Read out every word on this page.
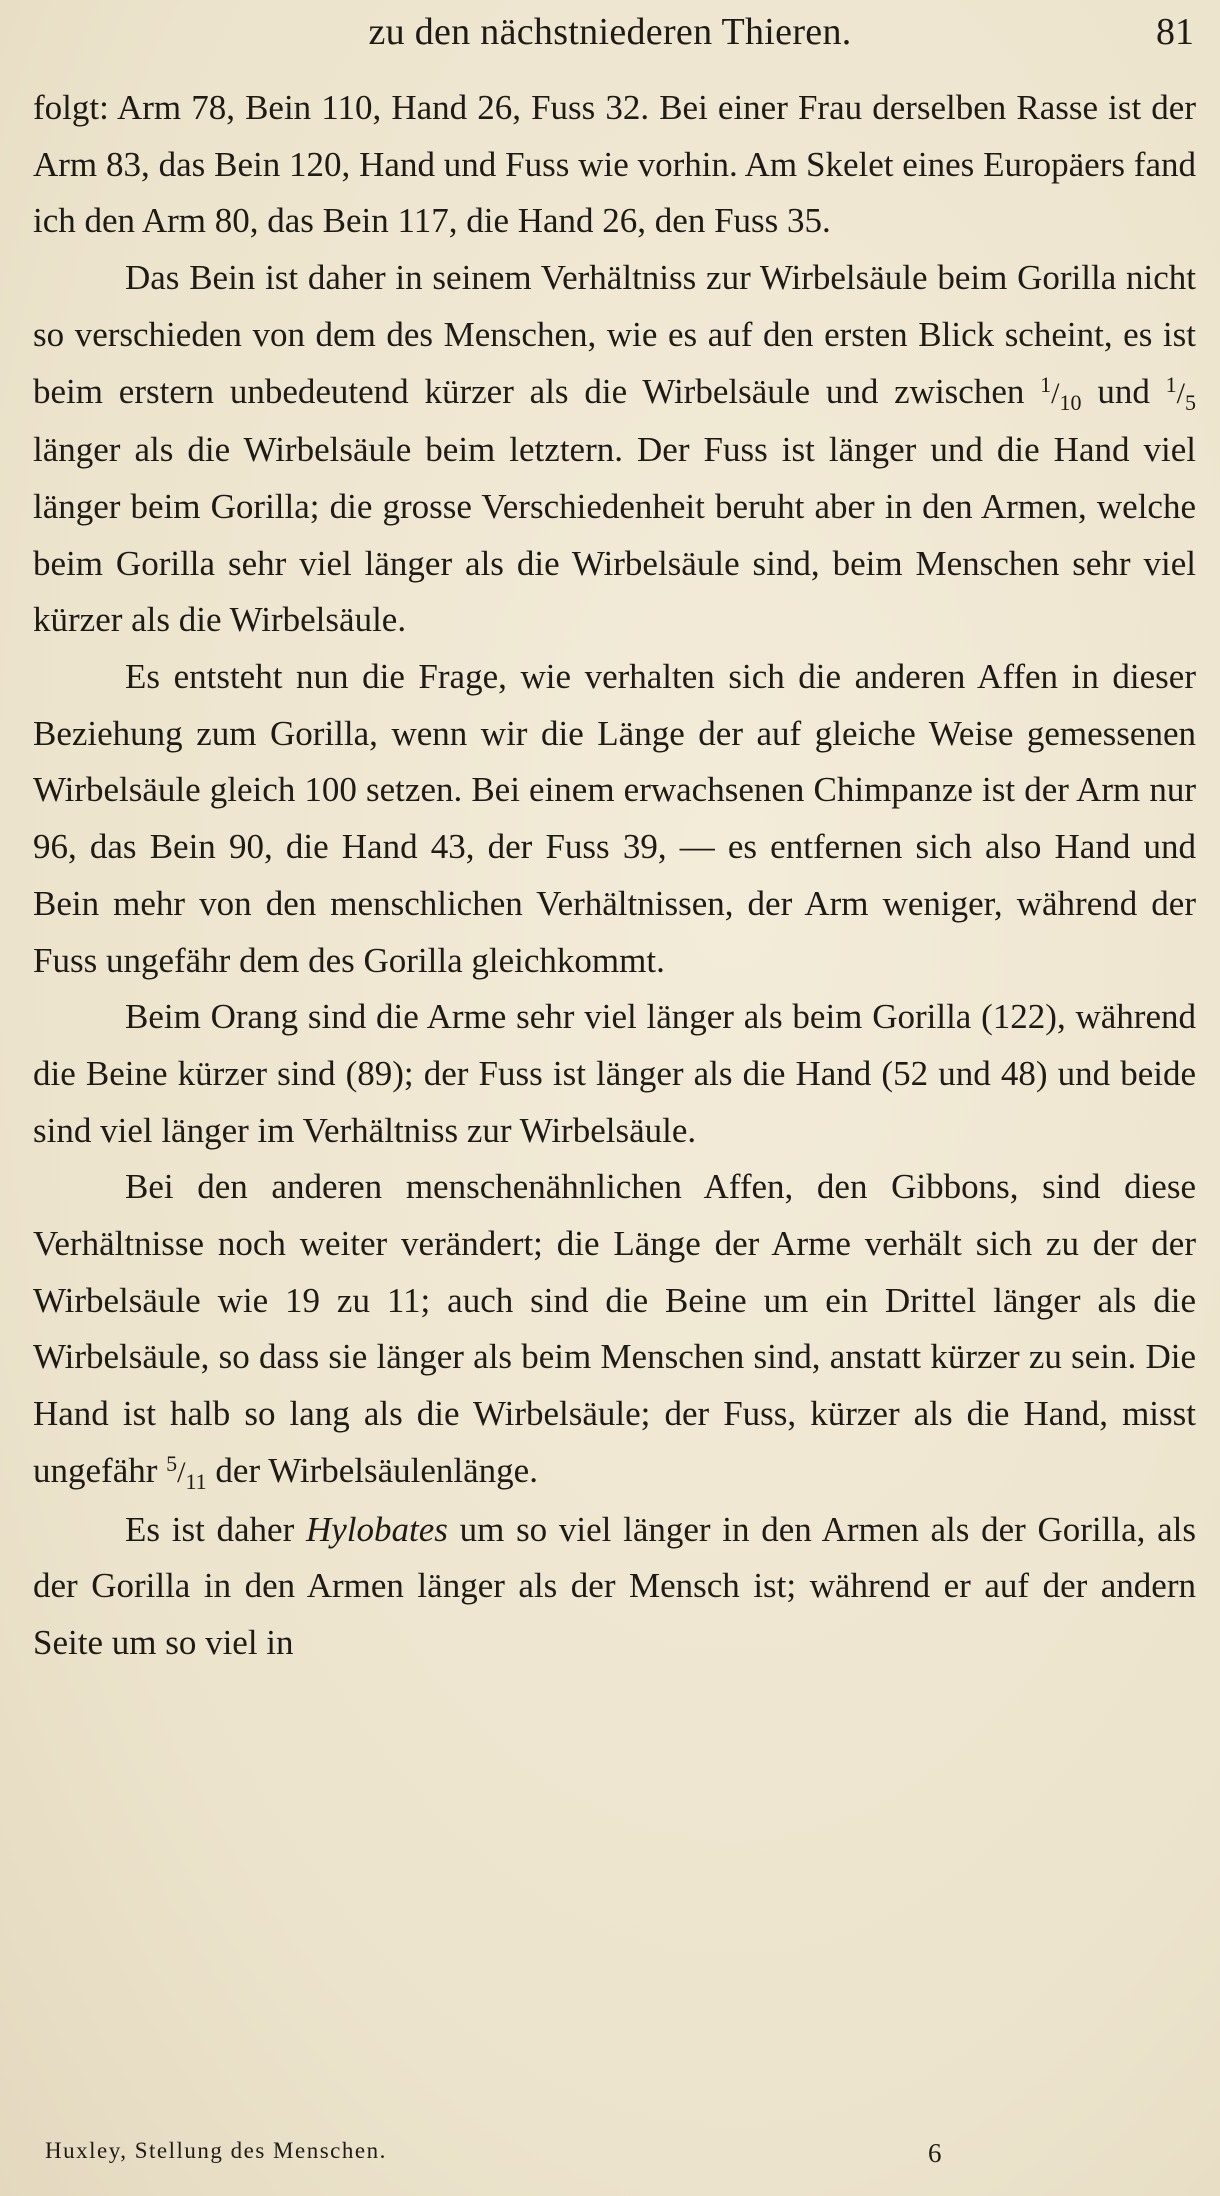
zu den nächstniederen Thieren.	81

folgt: Arm 78, Bein 110, Hand 26, Fuss 32. Bei einer Frau derselben Rasse ist der Arm 83, das Bein 120, Hand und Fuss wie vorhin. Am Skelet eines Europäers fand ich den Arm 80, das Bein 117, die Hand 26, den Fuss 35.

Das Bein ist daher in seinem Verhältniss zur Wirbelsäule beim Gorilla nicht so verschieden von dem des Menschen, wie es auf den ersten Blick scheint, es ist beim erstern unbedeutend kürzer als die Wirbelsäule und zwischen $^1/_{10}$ und $^1/_5$ länger als die Wirbelsäule beim letztern. Der Fuss ist länger und die Hand viel länger beim Gorilla; die grosse Verschiedenheit beruht aber in den Armen, welche beim Gorilla sehr viel länger als die Wirbelsäule sind, beim Menschen sehr viel kürzer als die Wirbelsäule.

Es entsteht nun die Frage, wie verhalten sich die anderen Affen in dieser Beziehung zum Gorilla, wenn wir die Länge der auf gleiche Weise gemessenen Wirbelsäule gleich 100 setzen. Bei einem erwachsenen Chimpanze ist der Arm nur 96, das Bein 90, die Hand 43, der Fuss 39, — es entfernen sich also Hand und Bein mehr von den menschlichen Verhältnissen, der Arm weniger, während der Fuss ungefähr dem des Gorilla gleichkommt.

Beim Orang sind die Arme sehr viel länger als beim Gorilla (122), während die Beine kürzer sind (89); der Fuss ist länger als die Hand (52 und 48) und beide sind viel länger im Verhältniss zur Wirbelsäule.

Bei den anderen menschenähnlichen Affen, den Gibbons, sind diese Verhältnisse noch weiter verändert; die Länge der Arme verhält sich zu der der Wirbelsäule wie 19 zu 11; auch sind die Beine um ein Drittel länger als die Wirbelsäule, so dass sie länger als beim Menschen sind, anstatt kürzer zu sein. Die Hand ist halb so lang als die Wirbelsäule; der Fuss, kürzer als die Hand, misst ungefähr $^5/_{11}$ der Wirbelsäulenlänge.

Es ist daher Hylobates um so viel länger in den Armen als der Gorilla, als der Gorilla in den Armen länger als der Mensch ist; während er auf der andern Seite um so viel in

Huxley, Stellung des Menschen.	6
